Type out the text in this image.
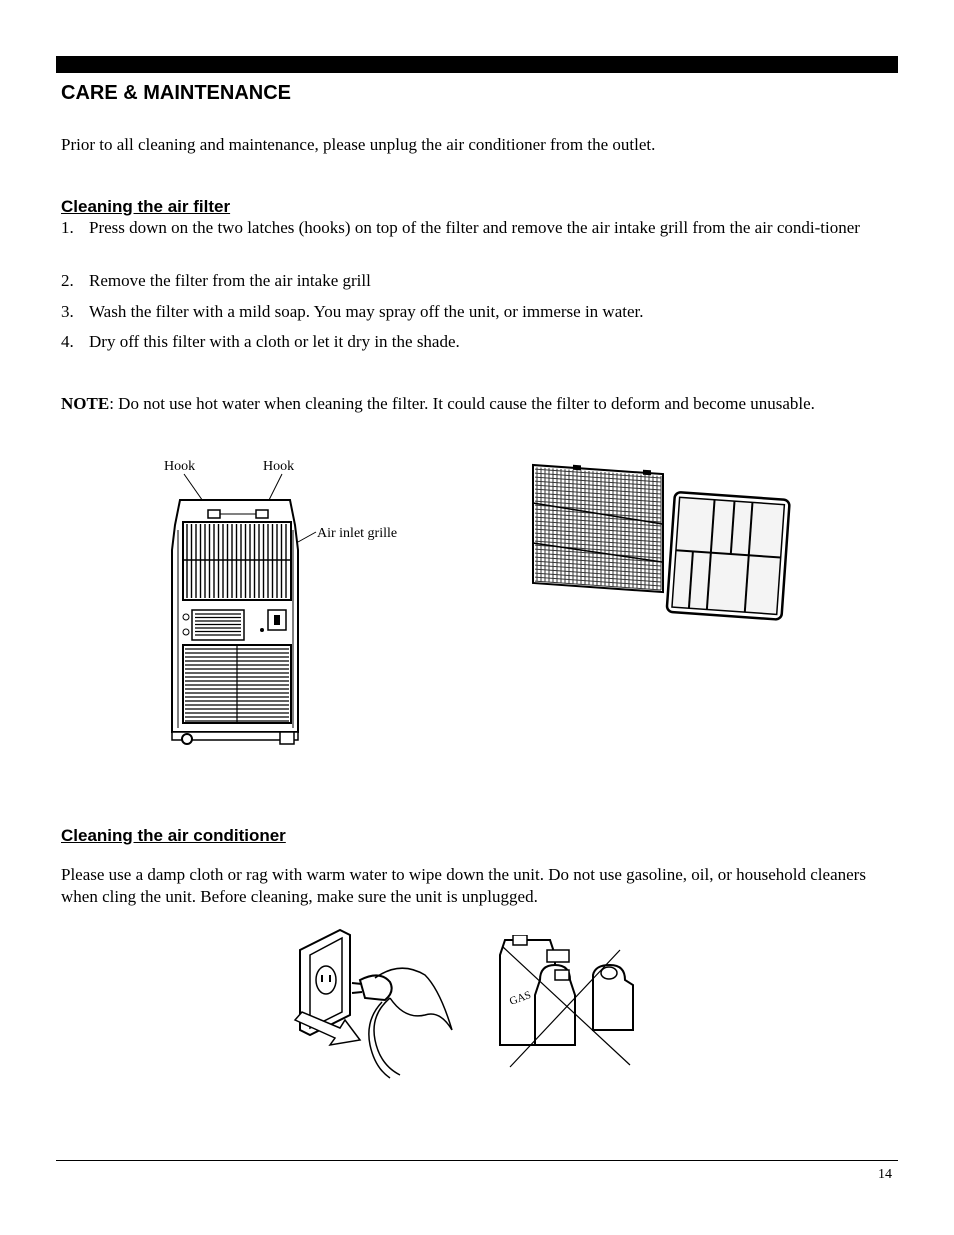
CARE & MAINTENANCE
Prior to all cleaning and maintenance, please unplug the air conditioner from the outlet.
Cleaning the air filter
1. Press down on the two latches (hooks) on top of the filter and remove the air intake grill from the air condi-tioner
2. Remove the filter from the air intake grill
3. Wash the filter with a mild soap. You may spray off the unit, or immerse in water.
4. Dry off this filter with a cloth or let it dry in the shade.
NOTE: Do not use hot water when cleaning the filter. It could cause the filter to deform and become unusable.
Hook	Hook
Air inlet grille
Cleaning the air conditioner
Please use a damp cloth or rag with warm water to wipe down the unit. Do not use gasoline, oil, or household cleaners when cling the unit. Before cleaning, make sure the unit is unplugged.
GAS
14
